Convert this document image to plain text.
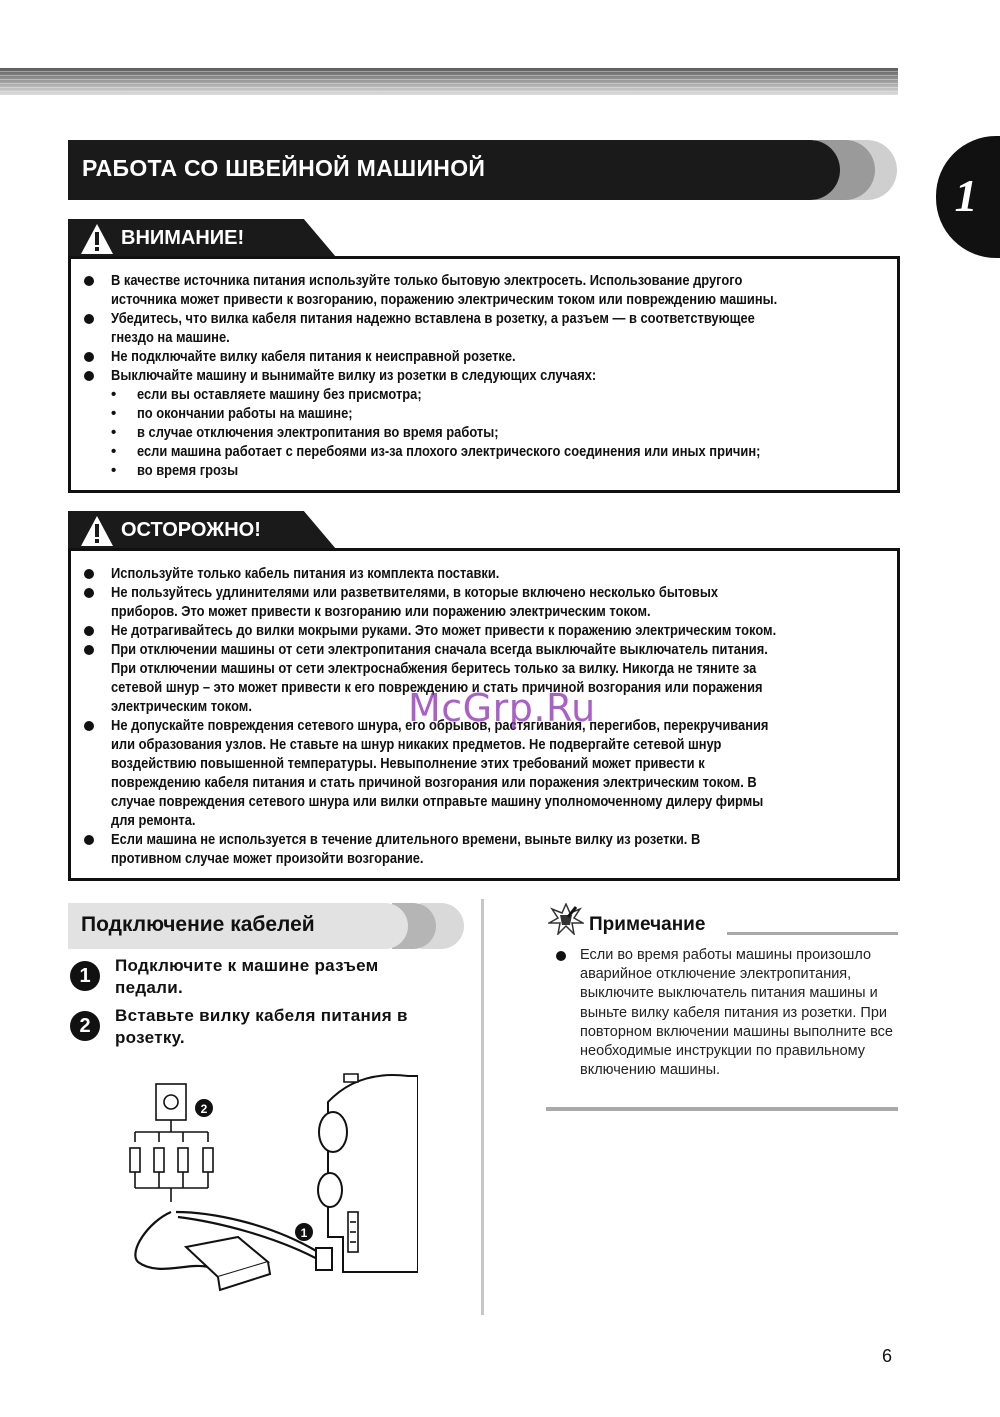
1
РАБОТА СО ШВЕЙНОЙ МАШИНОЙ
ВНИМАНИЕ!
В качестве источника питания используйте только бытовую электросеть. Использование другого
источника может привести к возгоранию, поражению электрическим током или повреждению машины.
Убедитесь, что вилка кабеля питания надежно вставлена в розетку, а разъем — в соответствующее
гнездо на машине.
Не подключайте вилку кабеля питания к неисправной розетке.
Выключайте машину и вынимайте вилку из розетки в следующих случаях:
• если вы оставляете машину без присмотра;
• по окончании работы на машине;
• в случае отключения электропитания во время работы;
• если машина работает с перебоями из-за плохого электрического соединения или иных причин;
• во время грозы
ОСТОРОЖНО!
Используйте только кабель питания из комплекта поставки.
Не пользуйтесь удлинителями или разветвителями, в которые включено несколько бытовых
приборов. Это может привести к возгоранию или поражению электрическим током.
Не дотрагивайтесь до вилки мокрыми руками. Это может привести к поражению электрическим током.
При отключении машины от сети электропитания сначала всегда выключайте выключатель питания.
При отключении машины от сети электроснабжения беритесь только за вилку. Никогда не тяните за
сетевой шнур – это может привести к его повреждению и стать причиной возгорания или поражения
электрическим током.
Не допускайте повреждения сетевого шнура, его обрывов, растягивания, перегибов, перекручивания
или образования узлов. Не ставьте на шнур никаких предметов. Не подвергайте сетевой шнур
воздействию повышенной температуры. Невыполнение этих требований может привести к
повреждению кабеля питания и стать причиной возгорания или поражения электрическим током. В
случае повреждения сетевого шнура или вилки отправьте машину уполномоченному дилеру фирмы
для ремонта.
Если машина не используется в течение длительного времени, выньте вилку из розетки. В
противном случае может произойти возгорание.
McGrp.Ru
Подключение кабелей
1	Подключите к машине разъем
педали.
2	Вставьте вилку кабеля питания в
розетку.
2
1
Примечание
Если во время работы машины произошло аварийное отключение электропитания, выключите выключатель питания машины и выньте вилку кабеля питания из розетки. При повторном включении машины выполните все необходимые инструкции по правильному включению машины.
6
